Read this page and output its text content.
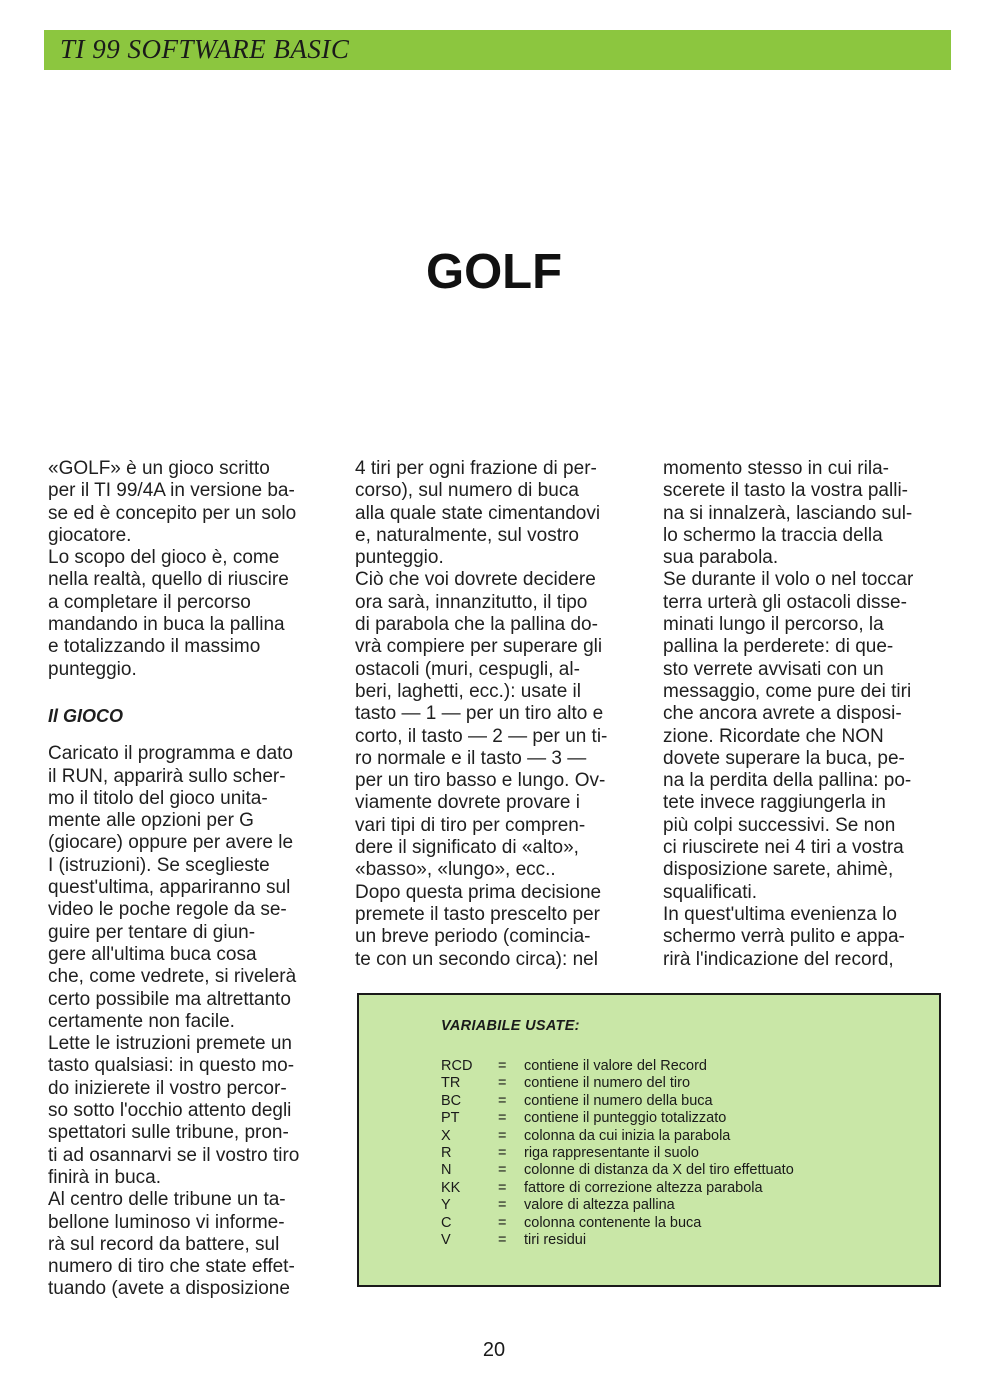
TI 99 SOFTWARE BASIC
GOLF

«GOLF» è un gioco scritto
per il TI 99/4A in versione ba-
se ed è concepito per un solo
giocatore.
Lo scopo del gioco è, come
nella realtà, quello di riuscire
a completare il percorso
mandando in buca la pallina
e totalizzando il massimo
punteggio.

Il GIOCO

Caricato il programma e dato
il RUN, apparirà sullo scher-
mo il titolo del gioco unita-
mente alle opzioni per G
(giocare) oppure per avere le
I (istruzioni). Se sceglieste
quest'ultima, appariranno sul
video le poche regole da se-
guire per tentare di giun-
gere all'ultima buca cosa
che, come vedrete, si rivelerà
certo possibile ma altrettanto
certamente non facile.
Lette le istruzioni premete un
tasto qualsiasi: in questo mo-
do inizierete il vostro percor-
so sotto l'occhio attento degli
spettatori sulle tribune, pron-
ti ad osannarvi se il vostro tiro
finirà in buca.
Al centro delle tribune un ta-
bellone luminoso vi informe-
rà sul record da battere, sul
numero di tiro che state effet-
tuando (avete a disposizione

4 tiri per ogni frazione di per-
corso), sul numero di buca
alla quale state cimentandovi
e, naturalmente, sul vostro
punteggio.
Ciò che voi dovrete decidere
ora sarà, innanzitutto, il tipo
di parabola che la pallina do-
vrà compiere per superare gli
ostacoli (muri, cespugli, al-
beri, laghetti, ecc.): usate il
tasto — 1 — per un tiro alto e
corto, il tasto — 2 — per un ti-
ro normale e il tasto — 3 —
per un tiro basso e lungo. Ov-
viamente dovrete provare i
vari tipi di tiro per compren-
dere il significato di «alto»,
«basso», «lungo», ecc..
Dopo questa prima decisione
premete il tasto prescelto per
un breve periodo (comincia-
te con un secondo circa): nel

momento stesso in cui rila-
scerete il tasto la vostra palli-
na si innalzerà, lasciando sul-
lo schermo la traccia della
sua parabola.
Se durante il volo o nel toccar
terra urterà gli ostacoli disse-
minati lungo il percorso, la
pallina la perderete: di que-
sto verrete avvisati con un
messaggio, come pure dei tiri
che ancora avrete a disposi-
zione. Ricordate che NON
dovete superare la buca, pe-
na la perdita della pallina: po-
tete invece raggiungerla in
più colpi successivi. Se non
ci riuscirete nei 4 tiri a vostra
disposizione sarete, ahimè,
squalificati.
In quest'ultima evenienza lo
schermo verrà pulito e appa-
rirà l'indicazione del record,

VARIABILE USATE:
RCD	=	contiene il valore del Record
TR	=	contiene il numero del tiro
BC	=	contiene il numero della buca
PT	=	contiene il punteggio totalizzato
X	=	colonna da cui inizia la parabola
R	=	riga rappresentante il suolo
N	=	colonne di distanza da X del tiro effettuato
KK	=	fattore di correzione altezza parabola
Y	=	valore di altezza pallina
C	=	colonna contenente la buca
V	=	tiri residui
20
